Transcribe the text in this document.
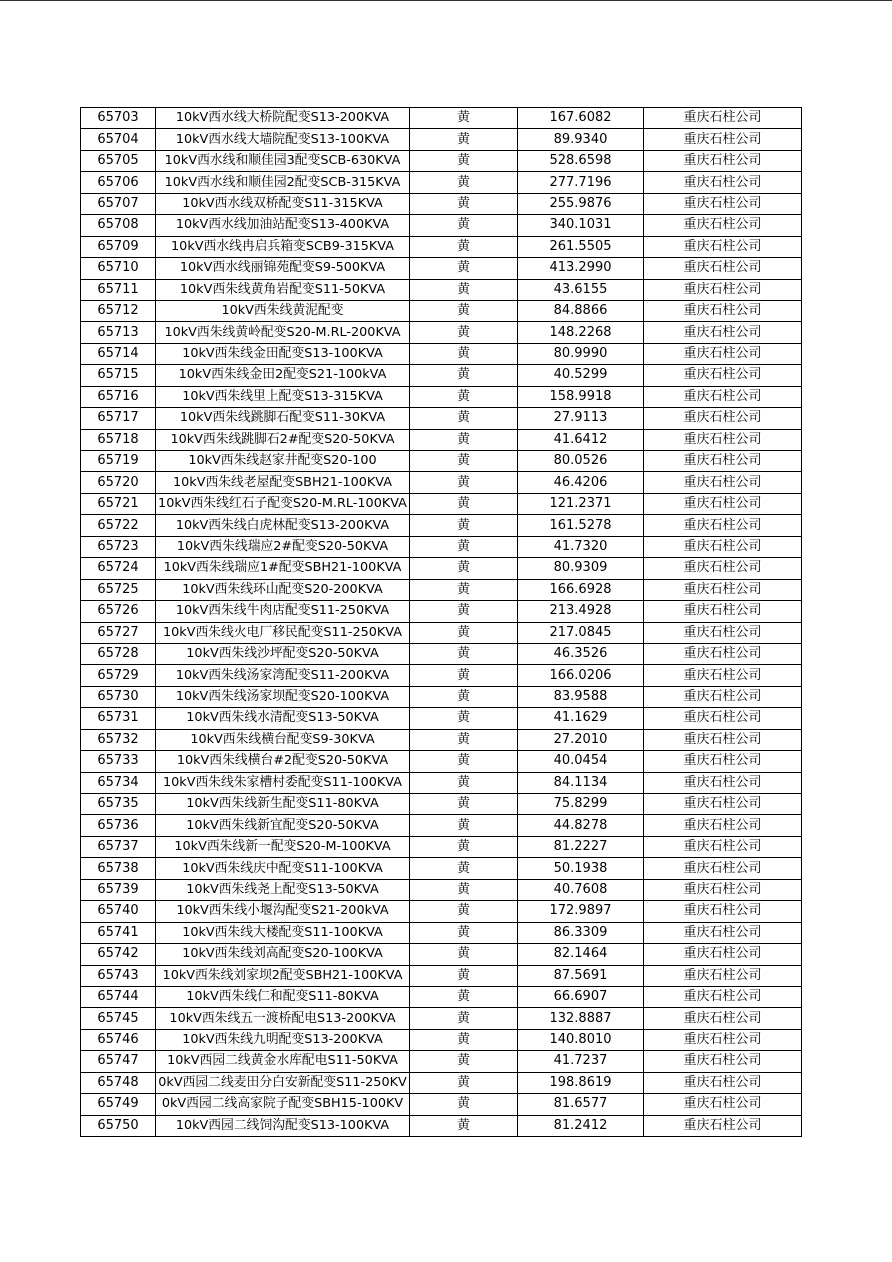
65703	10kV西水线大桥院配变S13-200KVA	黄	167.6082	重庆石柱公司
65704	10kV西水线大墙院配变S13-100KVA	黄	89.9340	重庆石柱公司
65705	10kV西水线和顺佳园3配变SCB-630KVA	黄	528.6598	重庆石柱公司
65706	10kV西水线和顺佳园2配变SCB-315KVA	黄	277.7196	重庆石柱公司
65707	10kV西水线双桥配变S11-315KVA	黄	255.9876	重庆石柱公司
65708	10kV西水线加油站配变S13-400KVA	黄	340.1031	重庆石柱公司
65709	10kV西水线冉启兵箱变SCB9-315KVA	黄	261.5505	重庆石柱公司
65710	10kV西水线丽锦苑配变S9-500KVA	黄	413.2990	重庆石柱公司
65711	10kV西朱线黄角岩配变S11-50KVA	黄	43.6155	重庆石柱公司
65712	10kV西朱线黄泥配变	黄	84.8866	重庆石柱公司
65713	10kV西朱线黄岭配变S20-M.RL-200KVA	黄	148.2268	重庆石柱公司
65714	10kV西朱线金田配变S13-100KVA	黄	80.9990	重庆石柱公司
65715	10kV西朱线金田2配变S21-100kVA	黄	40.5299	重庆石柱公司
65716	10kV西朱线里上配变S13-315KVA	黄	158.9918	重庆石柱公司
65717	10kV西朱线跳脚石配变S11-30KVA	黄	27.9113	重庆石柱公司
65718	10kV西朱线跳脚石2#配变S20-50KVA	黄	41.6412	重庆石柱公司
65719	10kV西朱线赵家井配变S20-100	黄	80.0526	重庆石柱公司
65720	10kV西朱线老屋配变SBH21-100KVA	黄	46.4206	重庆石柱公司
65721	10kV西朱线红石子配变S20-M.RL-100KVA	黄	121.2371	重庆石柱公司
65722	10kV西朱线白虎林配变S13-200KVA	黄	161.5278	重庆石柱公司
65723	10kV西朱线瑞应2#配变S20-50KVA	黄	41.7320	重庆石柱公司
65724	10kV西朱线瑞应1#配变SBH21-100KVA	黄	80.9309	重庆石柱公司
65725	10kV西朱线环山配变S20-200KVA	黄	166.6928	重庆石柱公司
65726	10kV西朱线牛肉店配变S11-250KVA	黄	213.4928	重庆石柱公司
65727	10kV西朱线火电厂移民配变S11-250KVA	黄	217.0845	重庆石柱公司
65728	10kV西朱线沙坪配变S20-50KVA	黄	46.3526	重庆石柱公司
65729	10kV西朱线汤家湾配变S11-200KVA	黄	166.0206	重庆石柱公司
65730	10kV西朱线汤家坝配变S20-100KVA	黄	83.9588	重庆石柱公司
65731	10kV西朱线水清配变S13-50KVA	黄	41.1629	重庆石柱公司
65732	10kV西朱线横台配变S9-30KVA	黄	27.2010	重庆石柱公司
65733	10kV西朱线横台#2配变S20-50KVA	黄	40.0454	重庆石柱公司
65734	10kV西朱线朱家槽村委配变S11-100KVA	黄	84.1134	重庆石柱公司
65735	10kV西朱线新生配变S11-80KVA	黄	75.8299	重庆石柱公司
65736	10kV西朱线新宜配变S20-50KVA	黄	44.8278	重庆石柱公司
65737	10kV西朱线新一配变S20-M-100KVA	黄	81.2227	重庆石柱公司
65738	10kV西朱线庆中配变S11-100KVA	黄	50.1938	重庆石柱公司
65739	10kV西朱线尧上配变S13-50KVA	黄	40.7608	重庆石柱公司
65740	10kV西朱线小堰沟配变S21-200kVA	黄	172.9897	重庆石柱公司
65741	10kV西朱线大楼配变S11-100KVA	黄	86.3309	重庆石柱公司
65742	10kV西朱线刘高配变S20-100KVA	黄	82.1464	重庆石柱公司
65743	10kV西朱线刘家坝2配变SBH21-100KVA	黄	87.5691	重庆石柱公司
65744	10kV西朱线仁和配变S11-80KVA	黄	66.6907	重庆石柱公司
65745	10kV西朱线五一渡桥配电S13-200KVA	黄	132.8887	重庆石柱公司
65746	10kV西朱线九明配变S13-200KVA	黄	140.8010	重庆石柱公司
65747	10kV西园二线黄金水库配电S11-50KVA	黄	41.7237	重庆石柱公司
65748	0kV西园二线麦田分白安新配变S11-250KV	黄	198.8619	重庆石柱公司
65749	0kV西园二线高家院子配变SBH15-100KV	黄	81.6577	重庆石柱公司
65750	10kV西园二线饲沟配变S13-100KVA	黄	81.2412	重庆石柱公司
